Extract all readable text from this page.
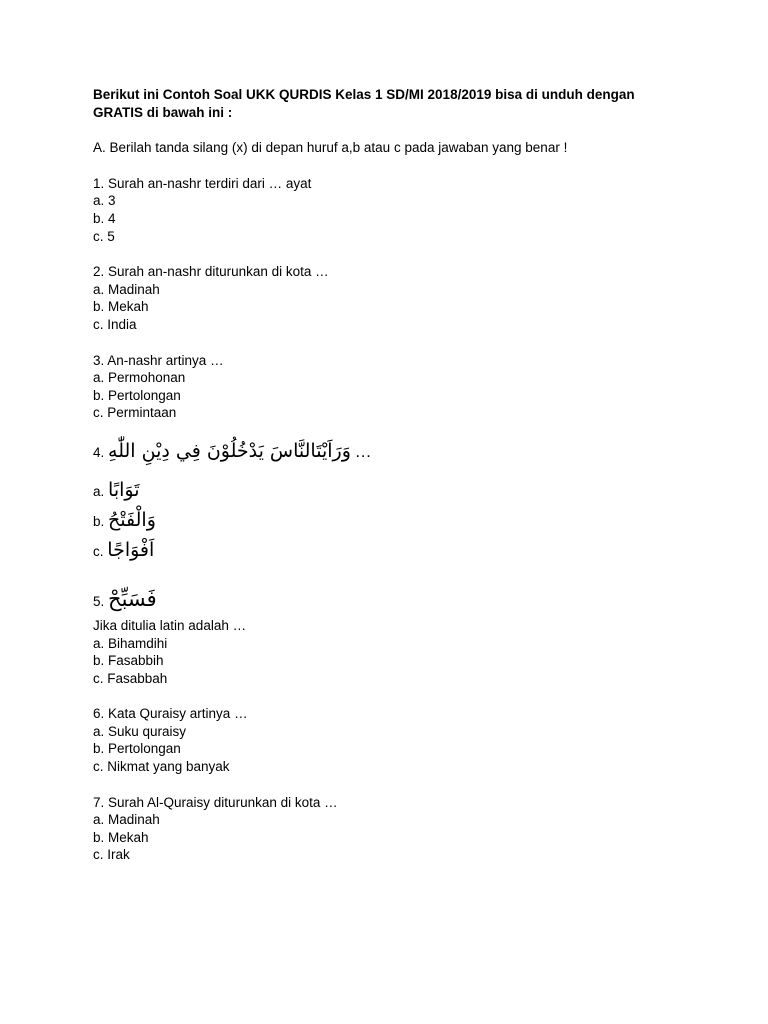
Berikut ini Contoh Soal UKK QURDIS Kelas 1 SD/MI 2018/2019 bisa di unduh dengan
GRATIS di bawah ini :

A. Berilah tanda silang (x) di depan huruf a,b atau c pada jawaban yang benar !

1. Surah an-nashr terdiri dari … ayat
a. 3
b. 4
c. 5
2. Surah an-nashr diturunkan di kota …
a. Madinah
b. Mekah
c. India
3. An-nashr artinya …
a. Permohonan
b. Pertolongan
c. Permintaan
4. وَرَاَيْتَالنَّاسَ يَدْخُلُوْنَ فِي دِيْنِ اللّٰهِ …
a. تَوَابًا
b. وَالْفَتْحُ
c. اَفْوَاجًا
5. فَسَبِّحْ
Jika ditulia latin adalah …
a. Bihamdihi
b. Fasabbih
c. Fasabbah
6. Kata Quraisy artinya …
a. Suku quraisy
b. Pertolongan
c. Nikmat yang banyak
7. Surah Al-Quraisy diturunkan di kota …
a. Madinah
b. Mekah
c. Irak
